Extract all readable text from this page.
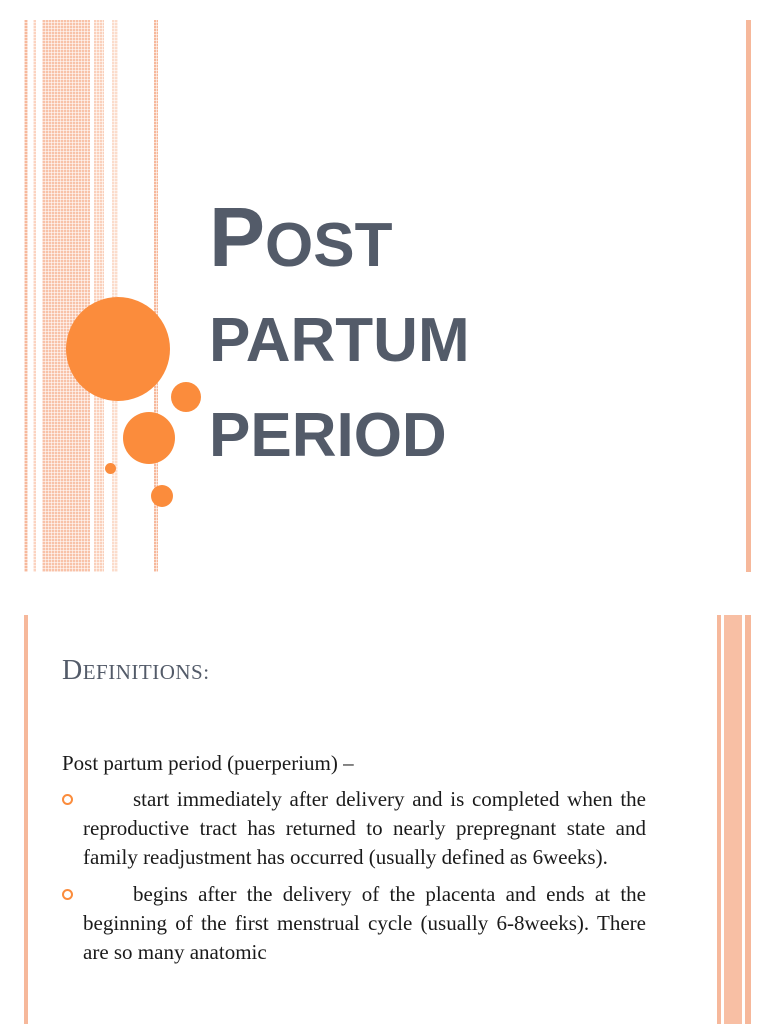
POST
PARTUM
PERIOD
DEFINITIONS:

Post partum period (puerperium) –

start immediately after delivery and is completed when the reproductive tract has returned to nearly prepregnant state and family readjustment has occurred (usually defined as 6weeks).
begins after the delivery of the placenta and ends at the beginning of the first menstrual cycle (usually 6-8weeks). There are so many anatomic
